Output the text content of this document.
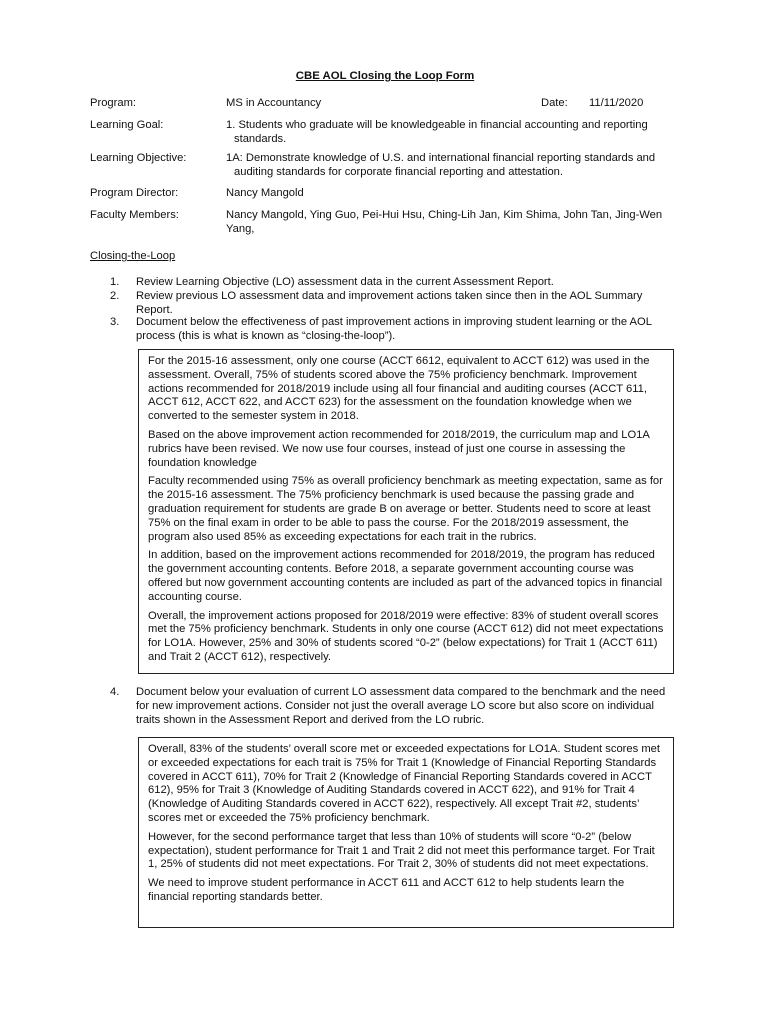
CBE AOL Closing the Loop Form
Program:	MS in Accountancy	Date: 11/11/2020
Learning Goal:	1. Students who graduate will be knowledgeable in financial accounting and reporting standards.
Learning Objective:	1A: Demonstrate knowledge of U.S. and international financial reporting standards and auditing standards for corporate financial reporting and attestation.
Program Director:	Nancy Mangold
Faculty Members:	Nancy Mangold, Ying Guo, Pei-Hui Hsu, Ching-Lih Jan, Kim Shima, John Tan, Jing-Wen Yang,
Closing-the-Loop
1. Review Learning Objective (LO) assessment data in the current Assessment Report.
2. Review previous LO assessment data and improvement actions taken since then in the AOL Summary Report.
3. Document below the effectiveness of past improvement actions in improving student learning or the AOL process (this is what is known as “closing-the-loop”).

For the 2015-16 assessment, only one course (ACCT 6612, equivalent to ACCT 612) was used in the assessment. Overall, 75% of students scored above the 75% proficiency benchmark. Improvement actions recommended for 2018/2019 include using all four financial and auditing courses (ACCT 611, ACCT 612, ACCT 622, and ACCT 623) for the assessment on the foundation knowledge when we converted to the semester system in 2018.

Based on the above improvement action recommended for 2018/2019, the curriculum map and LO1A rubrics have been revised. We now use four courses, instead of just one course in assessing the foundation knowledge

Faculty recommended using 75% as overall proficiency benchmark as meeting expectation, same as for the 2015-16 assessment. The 75% proficiency benchmark is used because the passing grade and graduation requirement for students are grade B on average or better. Students need to score at least 75% on the final exam in order to be able to pass the course. For the 2018/2019 assessment, the program also used 85% as exceeding expectations for each trait in the rubrics.

In addition, based on the improvement actions recommended for 2018/2019, the program has reduced the government accounting contents. Before 2018, a separate government accounting course was offered but now government accounting contents are included as part of the advanced topics in financial accounting course.

Overall, the improvement actions proposed for 2018/2019 were effective: 83% of student overall scores met the 75% proficiency benchmark. Students in only one course (ACCT 612) did not meet expectations for LO1A. However, 25% and 30% of students scored “0-2” (below expectations) for Trait 1 (ACCT 611) and Trait 2 (ACCT 612), respectively.

4. Document below your evaluation of current LO assessment data compared to the benchmark and the need for new improvement actions. Consider not just the overall average LO score but also score on individual traits shown in the Assessment Report and derived from the LO rubric.

Overall, 83% of the students’ overall score met or exceeded expectations for LO1A. Student scores met or exceeded expectations for each trait is 75% for Trait 1 (Knowledge of Financial Reporting Standards covered in ACCT 611), 70% for Trait 2 (Knowledge of Financial Reporting Standards covered in ACCT 612), 95% for Trait 3 (Knowledge of Auditing Standards covered in ACCT 622), and 91% for Trait 4 (Knowledge of Auditing Standards covered in ACCT 622), respectively. All except Trait #2, students’ scores met or exceeded the 75% proficiency benchmark.

However, for the second performance target that less than 10% of students will score “0-2” (below expectation), student performance for Trait 1 and Trait 2 did not meet this performance target. For Trait 1, 25% of students did not meet expectations. For Trait 2, 30% of students did not meet expectations.

We need to improve student performance in ACCT 611 and ACCT 612 to help students learn the financial reporting standards better.
